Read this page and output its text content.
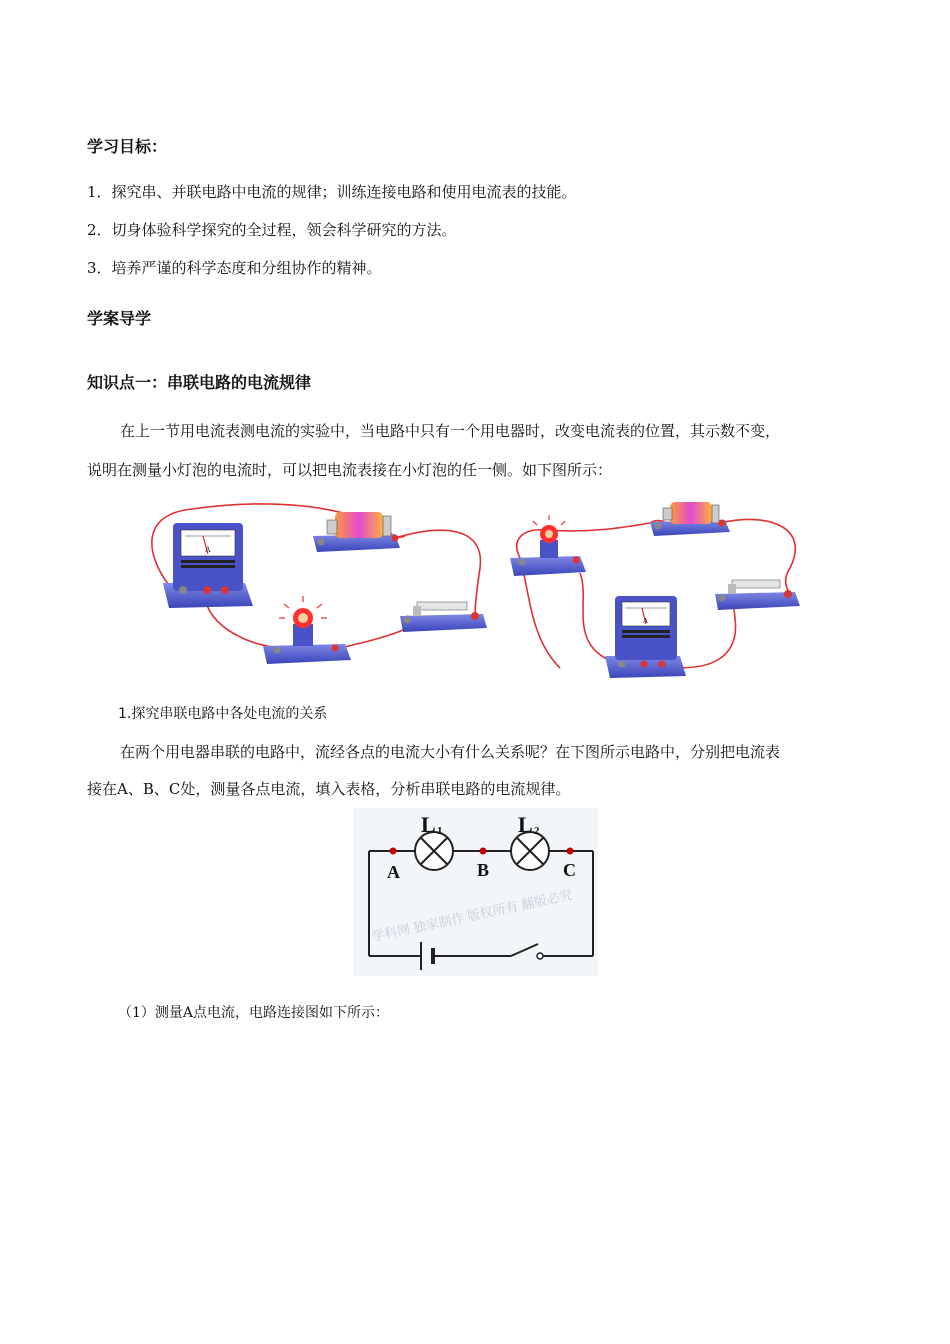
学习目标：
1．探究串、并联电路中电流的规律；训练连接电路和使用电流表的技能。
2．切身体验科学探究的全过程，领会科学研究的方法。
3．培养严谨的科学态度和分组协作的精神。
学案导学
知识点一：串联电路的电流规律
在上一节用电流表测电流的实验中，当电路中只有一个用电器时，改变电流表的位置，其示数不变，
说明在测量小灯泡的电流时，可以把电流表接在小灯泡的任一侧。如下图所示：
A
A
1.探究串联电路中各处电流的关系
在两个用电器串联的电路中，流经各点的电流大小有什么关系呢？在下图所示电路中，分别把电流表
接在A、B、C处，测量各点电流，填入表格，分析串联电路的电流规律。
学科网 独家制作 版权所有 翻版必究
L 1	L 2
A	B	C
（1）测量A点电流，电路连接图如下所示：
